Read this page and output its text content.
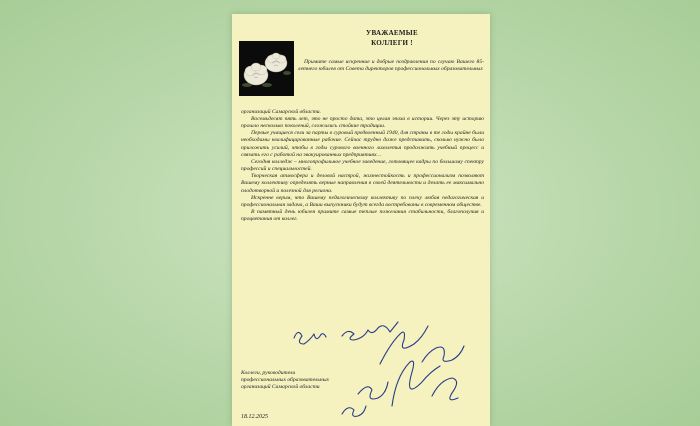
УВАЖАЕМЫЕ
КОЛЛЕГИ !
Примите самые искренние и добрые поздравления по случаю Вашего 85-летнего юбилея от Совета директоров профессиональных образовательных
организаций Самарской области.

Восемьдесят пять лет, это не просто дата, это целая эпоха в истории. Через эту историю прошло несколько поколений, сложились стойкие традиции.

Первые учащиеся сели за парты в суровый предвоенный 1940, для страны в те годы крайне были необходимы квалифицированные рабочие. Сейчас трудно даже представить, сколько нужно было приложить усилий, чтобы в годы сурового военного лихолетья продолжить учебный процесс и связать его с работой на эвакуированных предприятиях…

Сегодня колледж – многопрофильное учебное заведение, готовящее кадры по большому спектру профессий и специальностей.

Творческая атмосфера и деловой настрой, жизнестойкость и профессионализм позволяют Вашему коллективу определять верные направления в своей деятельности и делать ее максимально плодотворной и полезной для региона.

Искренне верим, что Вашему педагогическому коллективу по плечу любая педагогическая и профессиональная задача, а Ваши выпускники будут всегда востребованы в современном обществе.

В памятный день юбилея примите самые теплые пожелания стабильности, благополучия и процветания от коллег.

Коллеги, руководители
профессиональных образовательных
организаций Самарской области
18.12.2025
